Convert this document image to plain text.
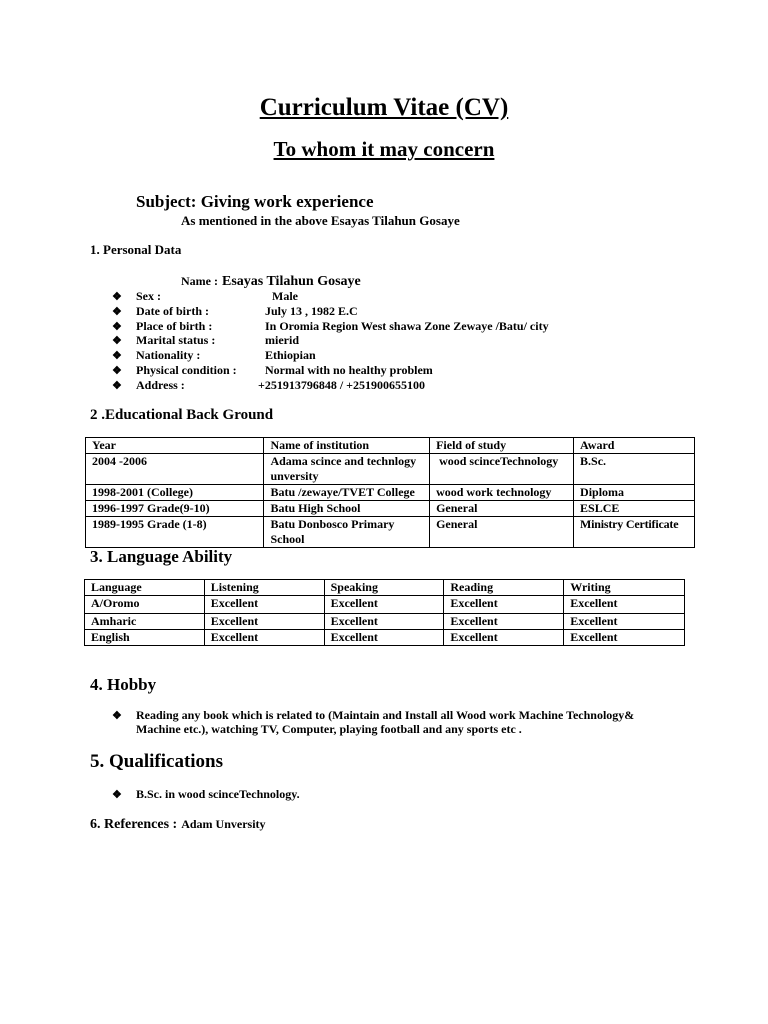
Curriculum Vitae (CV)
To whom it may concern
Subject: Giving work experience
As mentioned in the above Esayas Tilahun Gosaye
1. Personal Data
Name : Esayas Tilahun Gosaye
❖ Sex :	Male
❖ Date of birth :	July 13 , 1982 E.C
❖ Place of birth :	In Oromia Region West shawa Zone Zewaye /Batu/ city
❖ Marital status :	mierid
❖ Nationality :	Ethiopian
❖ Physical condition : Normal with no healthy problem
❖ Address :	+251913796848 / +251900655100
2 .Educational Back Ground
Year	Name of institution	Field of study	Award
2004 -2006	Adama scince and technlogy unversity	wood scinceTechnology	B.Sc.
1998-2001 (College)	Batu /zewaye/TVET College	wood work technology	Diploma
1996-1997 Grade(9-10)	Batu High School	General	ESLCE
1989-1995 Grade (1-8)	Batu Donbosco Primary School	General	Ministry Certificate
3. Language Ability
Language	Listening	Speaking	Reading	Writing
A/Oromo	Excellent	Excellent	Excellent	Excellent
Amharic	Excellent	Excellent	Excellent	Excellent
English	Excellent	Excellent	Excellent	Excellent
4. Hobby
❖ Reading any book which is related to (Maintain and Install all Wood work Machine Technology&
Machine etc.), watching TV, Computer, playing football and any sports etc .
5. Qualifications
❖ B.Sc. in wood scinceTechnology.
6. References : Adam Unversity
